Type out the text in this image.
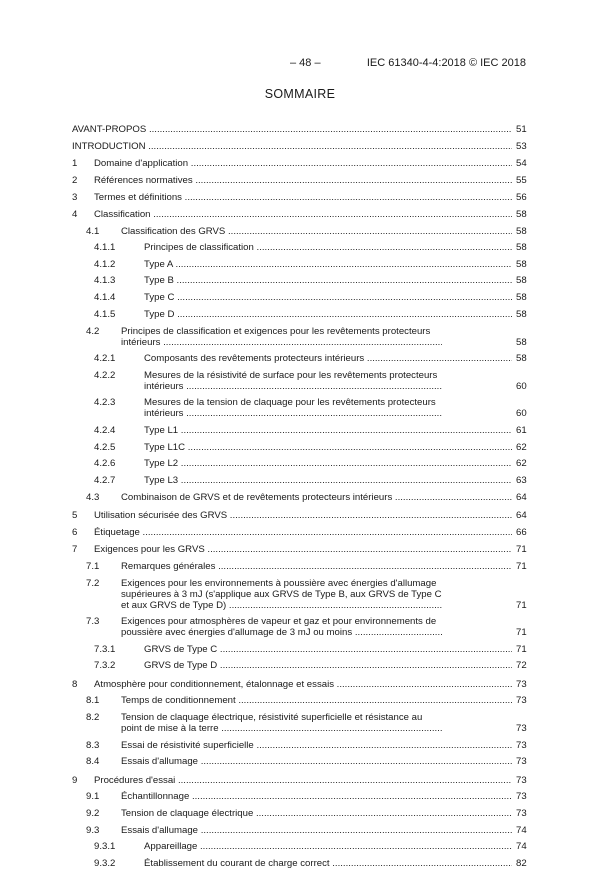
– 48 –	IEC 61340-4-4:2018 © IEC 2018
SOMMAIRE
AVANT-PROPOS .....	51
INTRODUCTION .....	53
1 Domaine d'application .....	54
2 Références normatives .....	55
3 Termes et définitions .....	56
4 Classification .....	58
4.1 Classification des GRVS .....	58
4.1.1	Principes de classification .....	58
4.1.2	Type A .....	58
4.1.3	Type B .....	58
4.1.4	Type C .....	58
4.1.5	Type D .....	58
4.2 Principes de classification et exigences pour les revêtements protecteurs
intérieurs .....	58
4.2.1	Composants des revêtements protecteurs intérieurs .....	58
4.2.2	Mesures de la résistivité de surface pour les revêtements protecteurs
intérieurs .....	60
4.2.3	Mesures de la tension de claquage pour les revêtements protecteurs
intérieurs .....	60
4.2.4	Type L1 .....	61
4.2.5	Type L1C .....	62
4.2.6	Type L2 .....	62
4.2.7	Type L3 .....	63
4.3 Combinaison de GRVS et de revêtements protecteurs intérieurs .....	64
5 Utilisation sécurisée des GRVS .....	64
6 Étiquetage .....	66
7 Exigences pour les GRVS .....	71
7.1 Remarques générales .....	71
7.2 Exigences pour les environnements à poussière avec énergies d'allumage
supérieures à 3 mJ (s'applique aux GRVS de Type B, aux GRVS de Type C
et aux GRVS de Type D) .....	71
7.3 Exigences pour atmosphères de vapeur et gaz et pour environnements de
poussière avec énergies d'allumage de 3 mJ ou moins .....	71
7.3.1	GRVS de Type C .....	71
7.3.2	GRVS de Type D .....	72
8 Atmosphère pour conditionnement, étalonnage et essais .....	73
8.1 Temps de conditionnement .....	73
8.2 Tension de claquage électrique, résistivité superficielle et résistance au
point de mise à la terre .....	73
8.3 Essai de résistivité superficielle .....	73
8.4 Essais d'allumage .....	73
9 Procédures d'essai .....	73
9.1 Échantillonnage .....	73
9.2 Tension de claquage électrique .....	73
9.3 Essais d'allumage .....	74
9.3.1	Appareillage .....	74
9.3.2	Établissement du courant de charge correct .....	82
